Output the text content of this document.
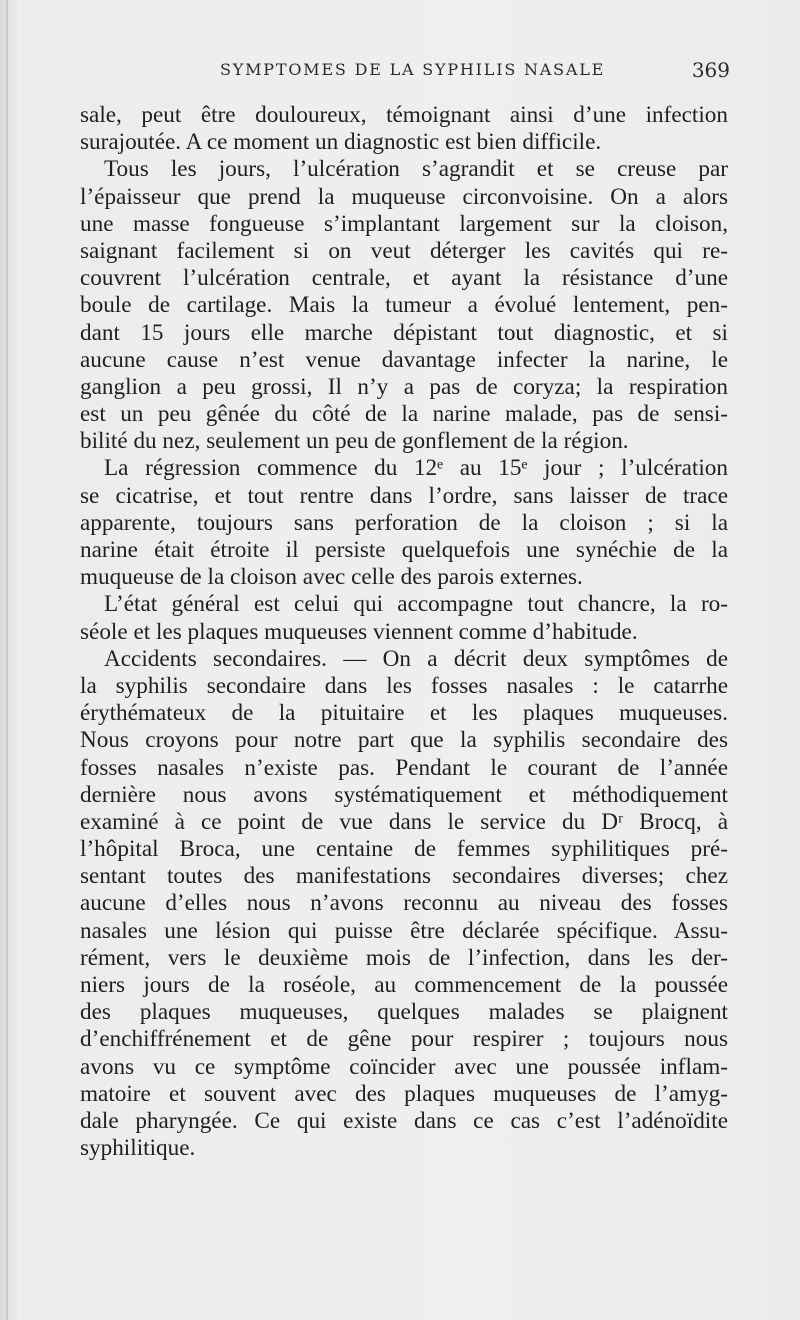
SYMPTOMES DE LA SYPHILIS NASALE	369
sale, peut être douloureux, témoignant ainsi d’une infection
surajoutée. A ce moment un diagnostic est bien difficile.
Tous les jours, l’ulcération s’agrandit et se creuse par
l’épaisseur que prend la muqueuse circonvoisine. On a alors
une masse fongueuse s’implantant largement sur la cloison,
saignant facilement si on veut déterger les cavités qui re-
couvrent l’ulcération centrale, et ayant la résistance d’une
boule de cartilage. Mais la tumeur a évolué lentement, pen-
dant 15 jours elle marche dépistant tout diagnostic, et si
aucune cause n’est venue davantage infecter la narine, le
ganglion a peu grossi, Il n’y a pas de coryza; la respiration
est un peu gênée du côté de la narine malade, pas de sensi-
bilité du nez, seulement un peu de gonflement de la région.
La régression commence du 12ᵉ au 15ᵉ jour ; l’ulcération
se cicatrise, et tout rentre dans l’ordre, sans laisser de trace
apparente, toujours sans perforation de la cloison ; si la
narine était étroite il persiste quelquefois une synéchie de la
muqueuse de la cloison avec celle des parois externes.
L’état général est celui qui accompagne tout chancre, la ro-
séole et les plaques muqueuses viennent comme d’habitude.
Accidents secondaires. — On a décrit deux symptômes de
la syphilis secondaire dans les fosses nasales : le catarrhe
érythémateux de la pituitaire et les plaques muqueuses.
Nous croyons pour notre part que la syphilis secondaire des
fosses nasales n’existe pas. Pendant le courant de l’année
dernière nous avons systématiquement et méthodiquement
examiné à ce point de vue dans le service du Dʳ Brocq, à
l’hôpital Broca, une centaine de femmes syphilitiques pré-
sentant toutes des manifestations secondaires diverses; chez
aucune d’elles nous n’avons reconnu au niveau des fosses
nasales une lésion qui puisse être déclarée spécifique. Assu-
rément, vers le deuxième mois de l’infection, dans les der-
niers jours de la roséole, au commencement de la poussée
des plaques muqueuses, quelques malades se plaignent
d’enchiffrénement et de gêne pour respirer ; toujours nous
avons vu ce symptôme coïncider avec une poussée inflam-
matoire et souvent avec des plaques muqueuses de l’amyg-
dale pharyngée. Ce qui existe dans ce cas c’est l’adénoïdite
syphilitique.
